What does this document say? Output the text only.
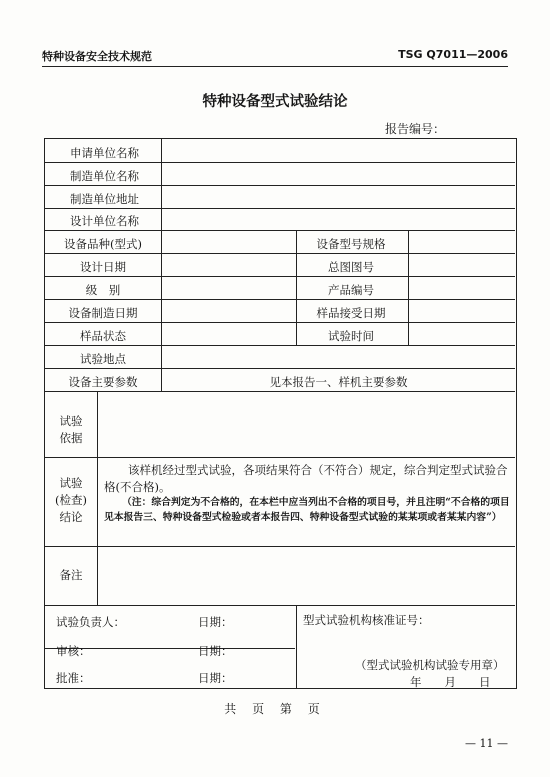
特种设备安全技术规范	TSG Q7011—2006
特种设备型式试验结论
报告编号：
申请单位名称
制造单位名称
制造单位地址
设计单位名称
设备品种(型式)	设备型号规格
设计日期	总图图号
级　别	产品编号
设备制造日期	样品接受日期
样品状态	试验时间
试验地点
设备主要参数	见本报告一、样机主要参数
试验
依据
试验
(检查)
结论
该样机经过型式试验，各项结果符合（不符合）规定，综合判定型式试验合格(不合格)。
（注：综合判定为不合格的，在本栏中应当列出不合格的项目号，并且注明“不合格的项目见本报告三、特种设备型式检验或者本报告四、特种设备型式试验的某某项或者某某内容”）
备注
试验负责人：	日期：
审核：	日期：
批准：	日期：
型式试验机构核准证号：
（型式试验机构试验专用章）
年　　月　　日
共 页 第 页
— 11 —
